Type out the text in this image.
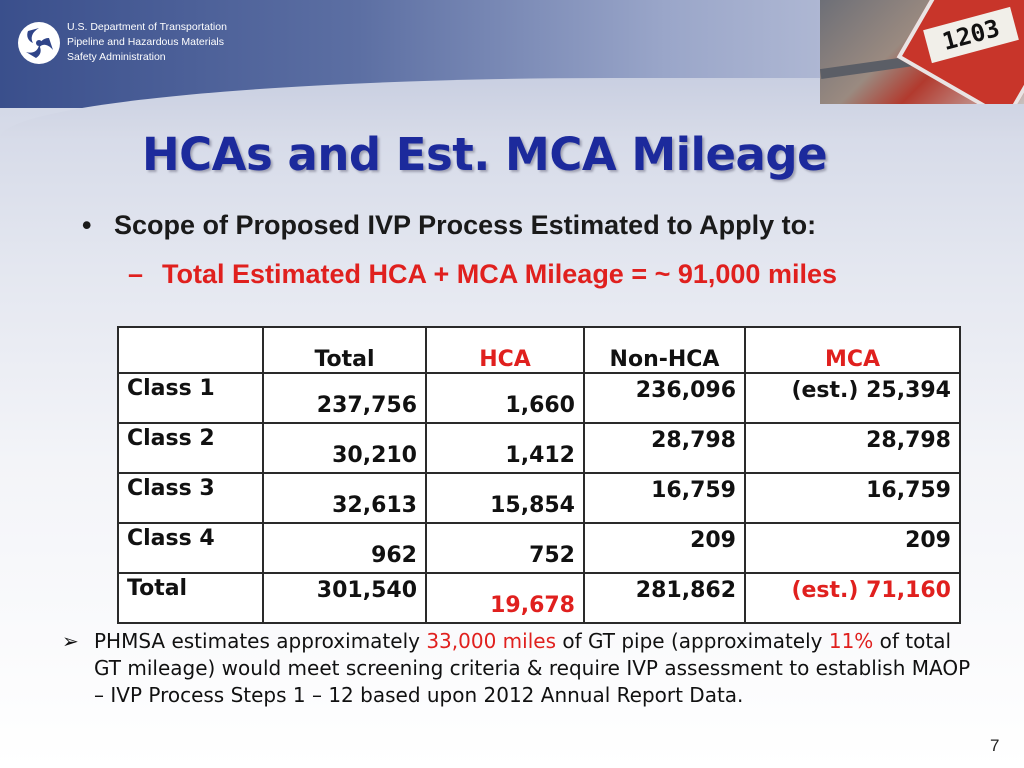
U.S. Department of Transportation
Pipeline and Hazardous Materials
Safety Administration
1203
HCAs and Est. MCA Mileage
• Scope of Proposed IVP Process Estimated to Apply to:
– Total Estimated HCA + MCA Mileage = ~ 91,000 miles
	Total	HCA	Non-HCA	MCA
Class 1	237,756	1,660	236,096	(est.) 25,394
Class 2	30,210	1,412	28,798	28,798
Class 3	32,613	15,854	16,759	16,759
Class 4	962	752	209	209
Total	301,540	19,678	281,862	(est.) 71,160
➢ PHMSA estimates approximately 33,000 miles of GT pipe (approximately 11% of total GT mileage) would meet screening criteria & require IVP assessment to establish MAOP – IVP Process Steps 1 – 12 based upon 2012 Annual Report Data.
7
